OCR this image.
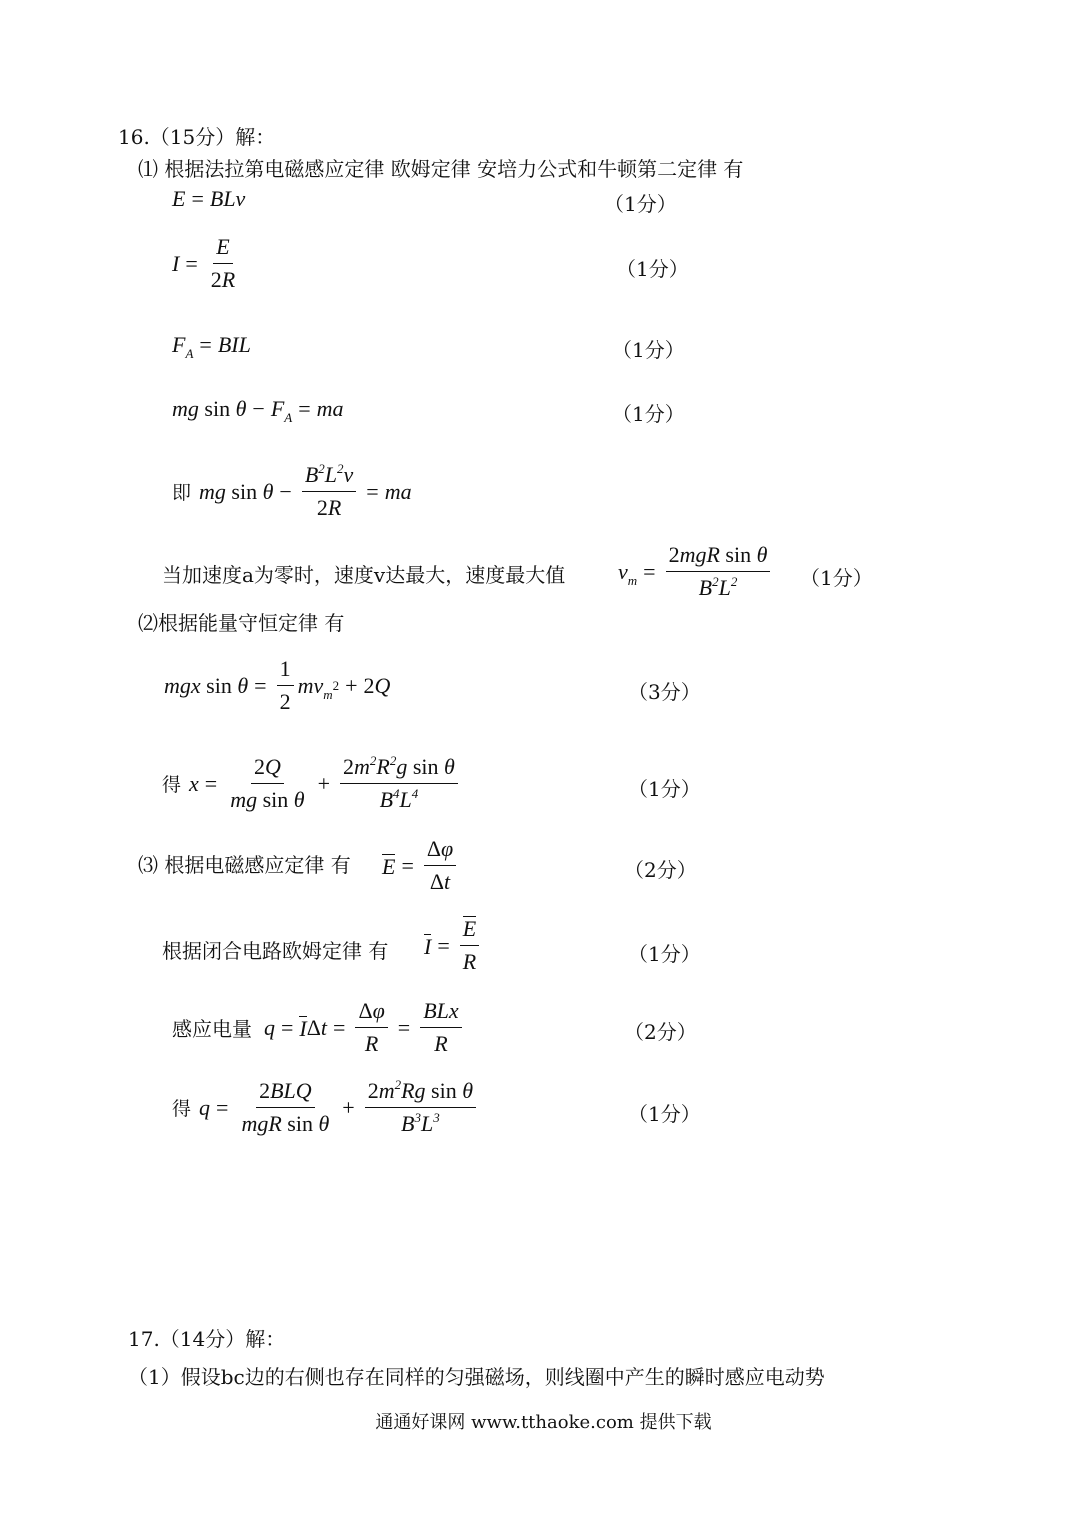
16.（15分）解：
⑴ 根据法拉第电磁感应定律 欧姆定律 安培力公式和牛顿第二定律 有
E = BLv	（1分）
$I = \frac{E}{2R}$	（1分）
$F_A$ = BIL	（1分）
mg
sin
$\theta - F_A$ = ma	（1分）
即 mg
sin
$\theta - \frac{B^2L^2v}{2R}$ = ma
当加速度a为零时，速度v达最大，速度最大值 $v_m = \frac{\text{2mgR sin θ}}{B^2L^2} (1$分）
⑵根据能量守恒定律 有
mgx
sin
$\theta = \frac{1}{2} mv_m$
2 + 2 Q	（3分）
得 $x = \frac{2Q}{\text{mg sin θ}} + \frac{2m^2R^2g \sin \theta}{B^4L^4}$	（1分）
⑶ 根据电磁感应定律 有 $E = \frac{\Delta\varphi}{\Delta t}$	（2分）
根据闭合电路欧姆定律 有 $I = \frac{E}{R}$	（1分）
感应电量 q = I Δ $t = \frac{\Delta\varphi}{R} = \frac{\text{BLx}}{R}$	（2分）
得 $q = \frac{\text{2BLQ}}{\text{mgR sin θ}} + \frac{2m^2Rg \sin \theta}{B^3L^3}$	（1分）
17.（14分）解：
（1）假设bc边的右侧也存在同样的匀强磁场，则线圈中产生的瞬时感应电动势
通通好课网 www.tthaoke.com 提供下载
